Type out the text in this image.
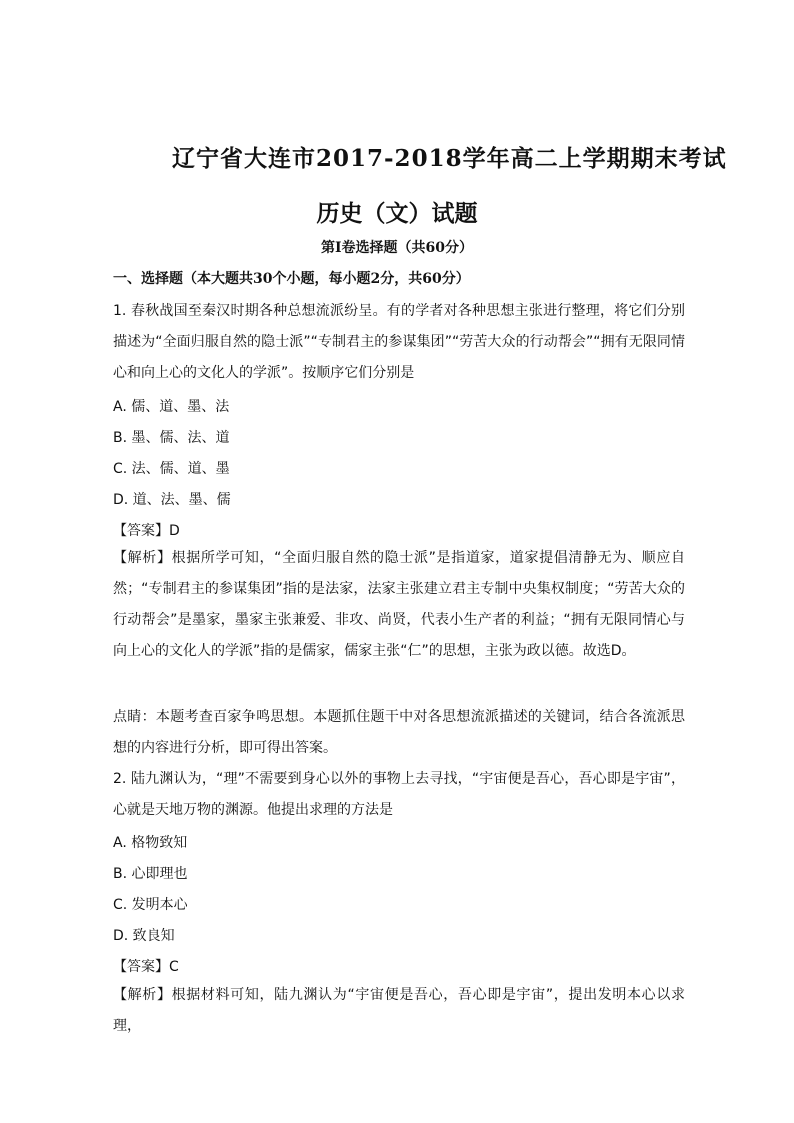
辽宁省大连市2017-2018学年高二上学期期末考试
历史（文）试题
第I卷选择题（共60分）
一、选择题（本大题共30个小题，每小题2分，共60分）
1. 春秋战国至秦汉时期各种总想流派纷呈。有的学者对各种思想主张进行整理，将它们分别描述为“全面归服自然的隐士派”“专制君主的参谋集团”“劳苦大众的行动帮会”“拥有无限同情心和向上心的文化人的学派”。按顺序它们分别是
A. 儒、道、墨、法
B. 墨、儒、法、道
C. 法、儒、道、墨
D. 道、法、墨、儒
【答案】D
【解析】根据所学可知，“全面归服自然的隐士派”是指道家，道家提倡清静无为、顺应自然；“专制君主的参谋集团”指的是法家，法家主张建立君主专制中央集权制度；“劳苦大众的行动帮会”是墨家，墨家主张兼爱、非攻、尚贤，代表小生产者的利益；“拥有无限同情心与向上心的文化人的学派”指的是儒家，儒家主张“仁”的思想，主张为政以德。故选D。
点睛：本题考查百家争鸣思想。本题抓住题干中对各思想流派描述的关键词，结合各流派思想的内容进行分析，即可得出答案。
2. 陆九渊认为，“理”不需要到身心以外的事物上去寻找，“宇宙便是吾心，吾心即是宇宙”，心就是天地万物的渊源。他提出求理的方法是
A. 格物致知
B. 心即理也
C. 发明本心
D. 致良知
【答案】C
【解析】根据材料可知，陆九渊认为“宇宙便是吾心，吾心即是宇宙”，提出发明本心以求理，
